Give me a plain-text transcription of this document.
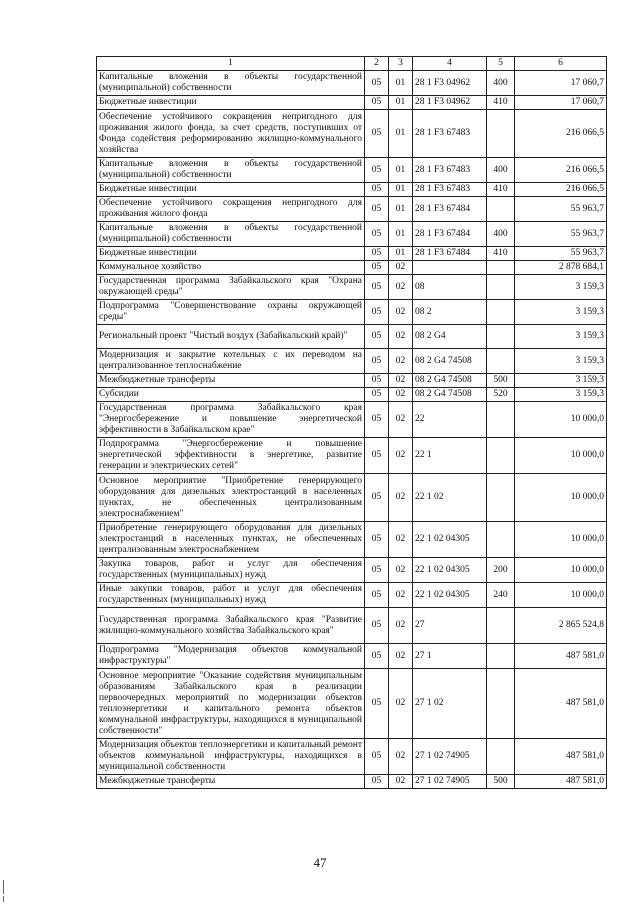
1	2	3	4	5	6
Капитальные вложения в объекты государственной (муниципальной) собственности	05	01	28 1 F3 04962	400	17 060,7
Бюджетные инвестиции	05	01	28 1 F3 04962	410	17 060,7
Обеспечение устойчивого сокращения непригодного для проживания жилого фонда, за счет средств, поступивших от Фонда содействия реформированию жилищно-коммунального хозяйства	05	01	28 1 F3 67483		216 066,5
Капитальные вложения в объекты государственной (муниципальной) собственности	05	01	28 1 F3 67483	400	216 066,5
Бюджетные инвестиции	05	01	28 1 F3 67483	410	216 066,5
Обеспечение устойчивого сокращения непригодного для проживания жилого фонда	05	01	28 1 F3 67484		55 963,7
Капитальные вложения в объекты государственной (муниципальной) собственности	05	01	28 1 F3 67484	400	55 963,7
Бюджетные инвестиции	05	01	28 1 F3 67484	410	55 963,7
Коммунальное хозяйство	05	02			2 878 684,1
Государственная программа Забайкальского края "Охрана окружающей среды"	05	02	08		3 159,3
Подпрограмма "Совершенствование охраны окружающей среды"	05	02	08 2		3 159,3
Региональный проект "Чистый воздух (Забайкальский край)"	05	02	08 2 G4		3 159,3
Модернизация и закрытие котельных с их переводом на централизованное теплоснабжение	05	02	08 2 G4 74508		3 159,3
Межбюджетные трансферты	05	02	08 2 G4 74508	500	3 159,3
Субсидии	05	02	08 2 G4 74508	520	3 159,3
Государственная программа Забайкальского края "Энергосбережение и повышение энергетической эффективности в Забайкальском крае"	05	02	22		10 000,0
Подпрограмма "Энергосбережение и повышение энергетической эффективности в энергетике, развитие генерации и электрических сетей"	05	02	22 1		10 000,0
Основное мероприятие "Приобретение генерирующего оборудования для дизельных электростанций в населенных пунктах, не обеспеченных централизованным электроснабжением"	05	02	22 1 02		10 000,0
Приобретение генерирующего оборудования для дизельных электростанций в населенных пунктах, не обеспеченных централизованным электроснабжением	05	02	22 1 02 04305		10 000,0
Закупка товаров, работ и услуг для обеспечения государственных (муниципальных) нужд	05	02	22 1 02 04305	200	10 000,0
Иные закупки товаров, работ и услуг для обеспечения государственных (муниципальных) нужд	05	02	22 1 02 04305	240	10 000,0
Государственная программа Забайкальского края "Развитие жилищно-коммунального хозяйства Забайкальского края"	05	02	27		2 865 524,8
Подпрограмма "Модернизация объектов коммунальной инфраструктуры"	05	02	27 1		487 581,0
Основное мероприятие "Оказание содействия муниципальным образованиям Забайкальского края в реализации первоочередных мероприятий по модернизации объектов теплоэнергетики и капитального ремонта объектов коммунальной инфраструктуры, находящихся в муниципальной собственности"	05	02	27 1 02		487 581,0
Модернизация объектов теплоэнергетики и капитальный ремонт объектов коммунальной инфраструктуры, находящихся в муниципальной собственности	05	02	27 1 02 74905		487 581,0
Межбюджетные трансферты	05	02	27 1 02 74905	500	487 581,0
47
